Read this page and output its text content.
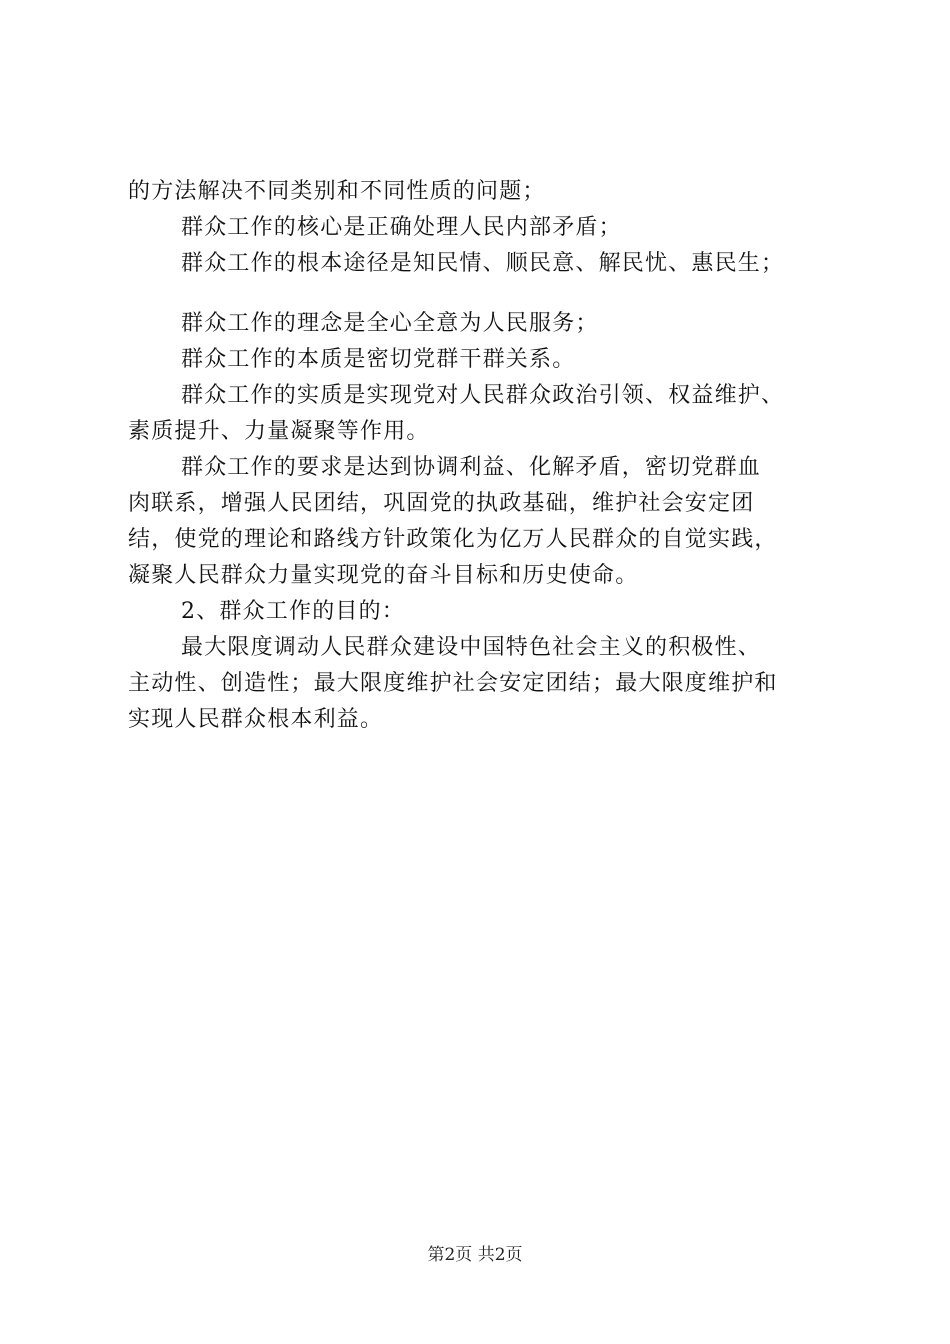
的方法解决不同类别和不同性质的问题；
群众工作的核心是正确处理人民内部矛盾；
群众工作的根本途径是知民情、顺民意、解民忧、惠民生；
群众工作的理念是全心全意为人民服务；
群众工作的本质是密切党群干群关系。
群众工作的实质是实现党对人民群众政治引领、权益维护、
素质提升、力量凝聚等作用。
群众工作的要求是达到协调利益、化解矛盾，密切党群血
肉联系，增强人民团结，巩固党的执政基础，维护社会安定团
结，使党的理论和路线方针政策化为亿万人民群众的自觉实践，
凝聚人民群众力量实现党的奋斗目标和历史使命。
2、群众工作的目的：
最大限度调动人民群众建设中国特色社会主义的积极性、
主动性、创造性；最大限度维护社会安定团结；最大限度维护和
实现人民群众根本利益。
第2页 共2页
